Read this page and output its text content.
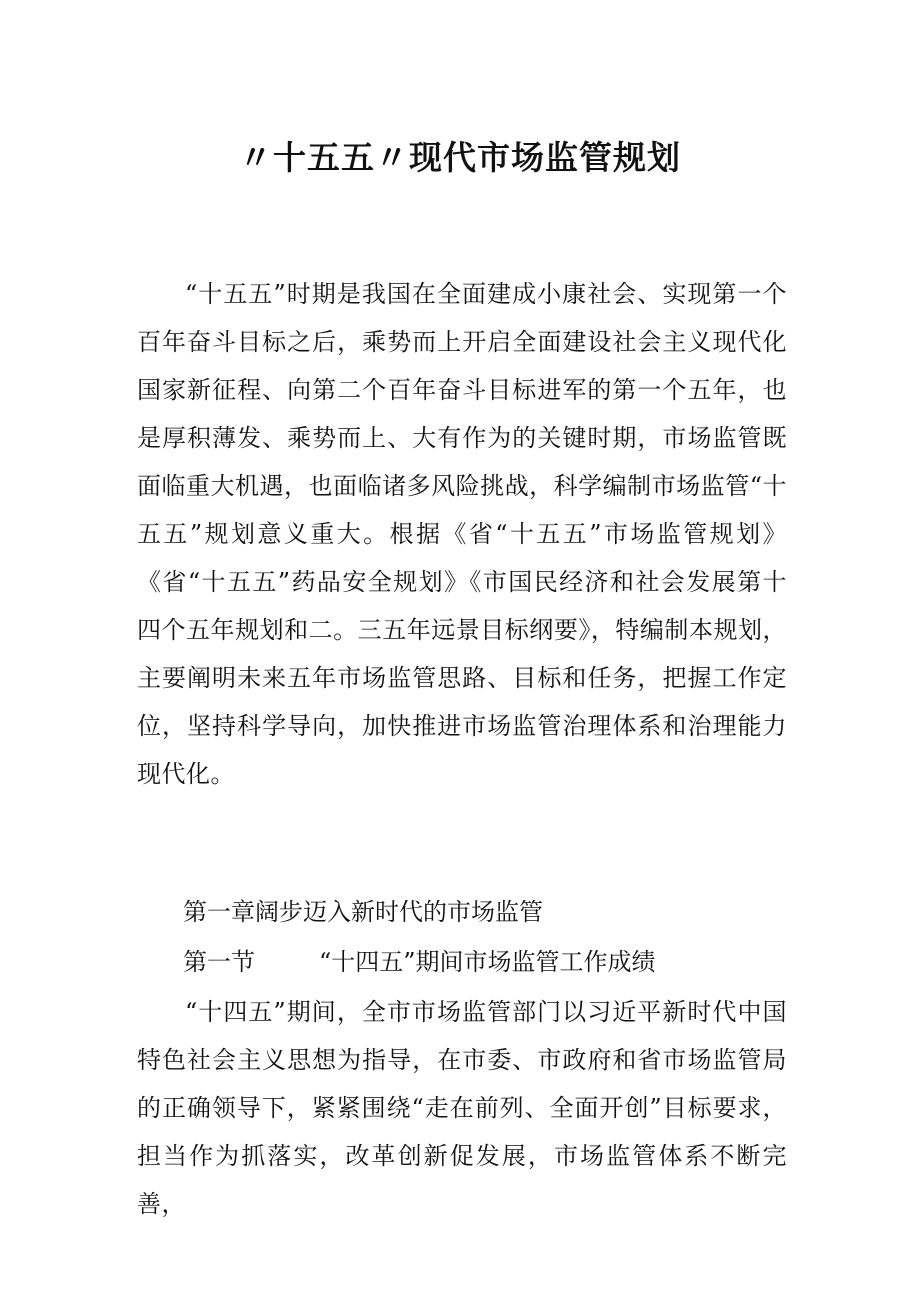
〃十五五〃现代市场监管规划

“十五五”时期是我国在全面建成小康社会、实现第一个百年奋斗目标之后，乘势而上开启全面建设社会主义现代化国家新征程、向第二个百年奋斗目标进军的第一个五年，也是厚积薄发、乘势而上、大有作为的关键时期，市场监管既面临重大机遇，也面临诸多风险挑战，科学编制市场监管“十五五”规划意义重大。根据《省“十五五”市场监管规划》《省“十五五”药品安全规划》《市国民经济和社会发展第十四个五年规划和二。三五年远景目标纲要》，特编制本规划，主要阐明未来五年市场监管思路、目标和任务，把握工作定位，坚持科学导向，加快推进市场监管治理体系和治理能力现代化。

第一章阔步迈入新时代的市场监管
第一节	“十四五”期间市场监管工作成绩

“十四五”期间，全市市场监管部门以习近平新时代中国特色社会主义思想为指导，在市委、市政府和省市场监管局的正确领导下，紧紧围绕“走在前列、全面开创”目标要求，担当作为抓落实，改革创新促发展，市场监管体系不断完善，
